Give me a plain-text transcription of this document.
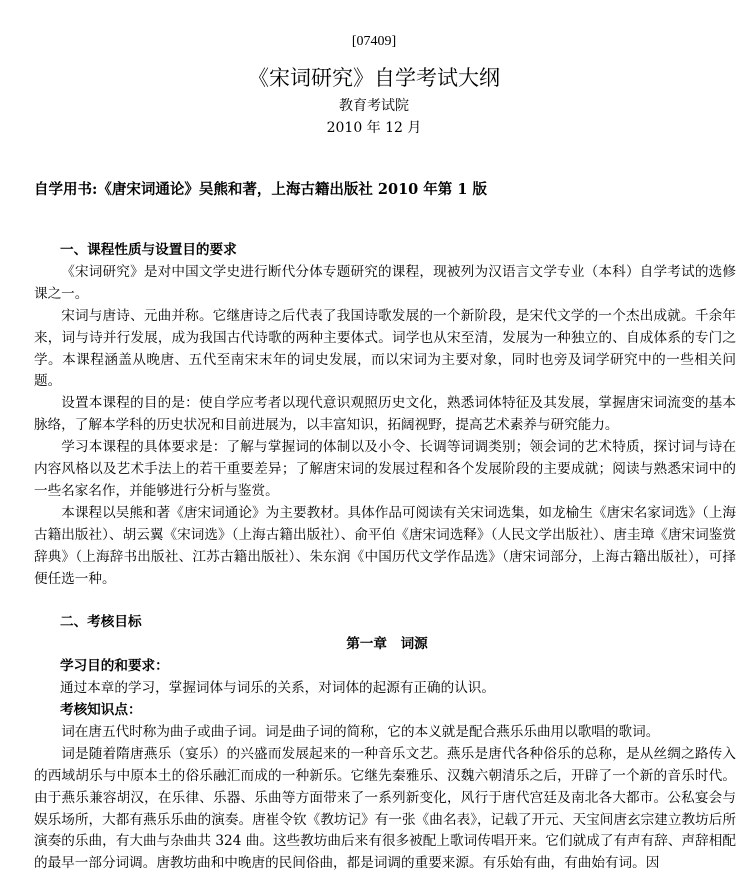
[07409]
《宋词研究》自学考试大纲
教育考试院
2010 年 12 月
自学用书:《唐宋词通论》吴熊和著，上海古籍出版社 2010 年第 1 版

一、课程性质与设置目的要求

《宋词研究》是对中国文学史进行断代分体专题研究的课程，现被列为汉语言文学专业（本科）自学考试的选修课之一。

宋词与唐诗、元曲并称。它继唐诗之后代表了我国诗歌发展的一个新阶段，是宋代文学的一个杰出成就。千余年来，词与诗并行发展，成为我国古代诗歌的两种主要体式。词学也从宋至清，发展为一种独立的、自成体系的专门之学。本课程涵盖从晚唐、五代至南宋末年的词史发展，而以宋词为主要对象，同时也旁及词学研究中的一些相关问题。

设置本课程的目的是：使自学应考者以现代意识观照历史文化，熟悉词体特征及其发展，掌握唐宋词流变的基本脉络，了解本学科的历史状况和目前进展为，以丰富知识，拓阔视野，提高艺术素养与研究能力。

学习本课程的具体要求是：了解与掌握词的体制以及小令、长调等词调类别；领会词的艺术特质，探讨词与诗在内容风格以及艺术手法上的若干重要差异；了解唐宋词的发展过程和各个发展阶段的主要成就；阅读与熟悉宋词中的一些名家名作，并能够进行分析与鉴赏。

本课程以吴熊和著《唐宋词通论》为主要教材。具体作品可阅读有关宋词选集，如龙榆生《唐宋名家词选》（上海古籍出版社）、胡云翼《宋词选》（上海古籍出版社）、俞平伯《唐宋词选释》（人民文学出版社）、唐圭璋《唐宋词鉴赏辞典》（上海辞书出版社、江苏古籍出版社）、朱东润《中国历代文学作品选》（唐宋词部分，上海古籍出版社），可择便任选一种。

二、考核目标

第一章　词源

学习目的和要求：

通过本章的学习，掌握词体与词乐的关系，对词体的起源有正确的认识。

考核知识点：

词在唐五代时称为曲子或曲子词。词是曲子词的简称，它的本义就是配合燕乐乐曲用以歌唱的歌词。

词是随着隋唐燕乐（宴乐）的兴盛而发展起来的一种音乐文艺。燕乐是唐代各种俗乐的总称，是从丝绸之路传入的西域胡乐与中原本土的俗乐融汇而成的一种新乐。它继先秦雅乐、汉魏六朝清乐之后，开辟了一个新的音乐时代。由于燕乐兼容胡汉，在乐律、乐器、乐曲等方面带来了一系列新变化，风行于唐代宫廷及南北各大都市。公私宴会与娱乐场所，大都有燕乐乐曲的演奏。唐崔令钦《教坊记》有一张《曲名表》，记载了开元、天宝间唐玄宗建立教坊后所演奏的乐曲，有大曲与杂曲共 324 曲。这些教坊曲后来有很多被配上歌词传唱开来。它们就成了有声有辞、声辞相配的最早一部分词调。唐教坊曲和中晚唐的民间俗曲，都是词调的重要来源。有乐始有曲，有曲始有词。因
